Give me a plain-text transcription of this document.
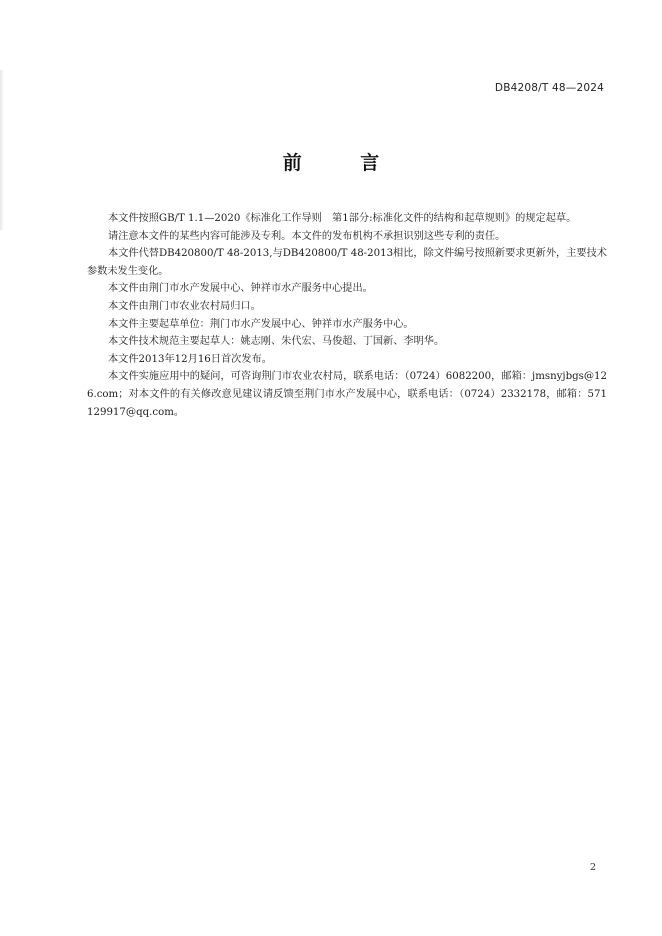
DB4208/T 48—2024
前 言

本文件按照GB/T 1.1—2020《标准化工作导则　第1部分:标准化文件的结构和起草规则》的规定起草。

请注意本文件的某些内容可能涉及专利。本文件的发布机构不承担识别这些专利的责任。

本文件代替DB420800/T 48-2013,与DB420800/T 48-2013相比，除文件编号按照新要求更新外，主要技术参数未发生变化。

本文件由荆门市水产发展中心、钟祥市水产服务中心提出。

本文件由荆门市农业农村局归口。

本文件主要起草单位：荆门市水产发展中心、钟祥市水产服务中心。

本文件技术规范主要起草人：姚志刚、朱代宏、马俊超、丁国新、李明华。

本文件2013年12月16日首次发布。

本文件实施应用中的疑问，可咨询荆门市农业农村局，联系电话：（0724）6082200，邮箱：jmsnyjbgs@126.com；对本文件的有关修改意见建议请反馈至荆门市水产发展中心，联系电话：（0724）2332178，邮箱：571129917@qq.com。

2
